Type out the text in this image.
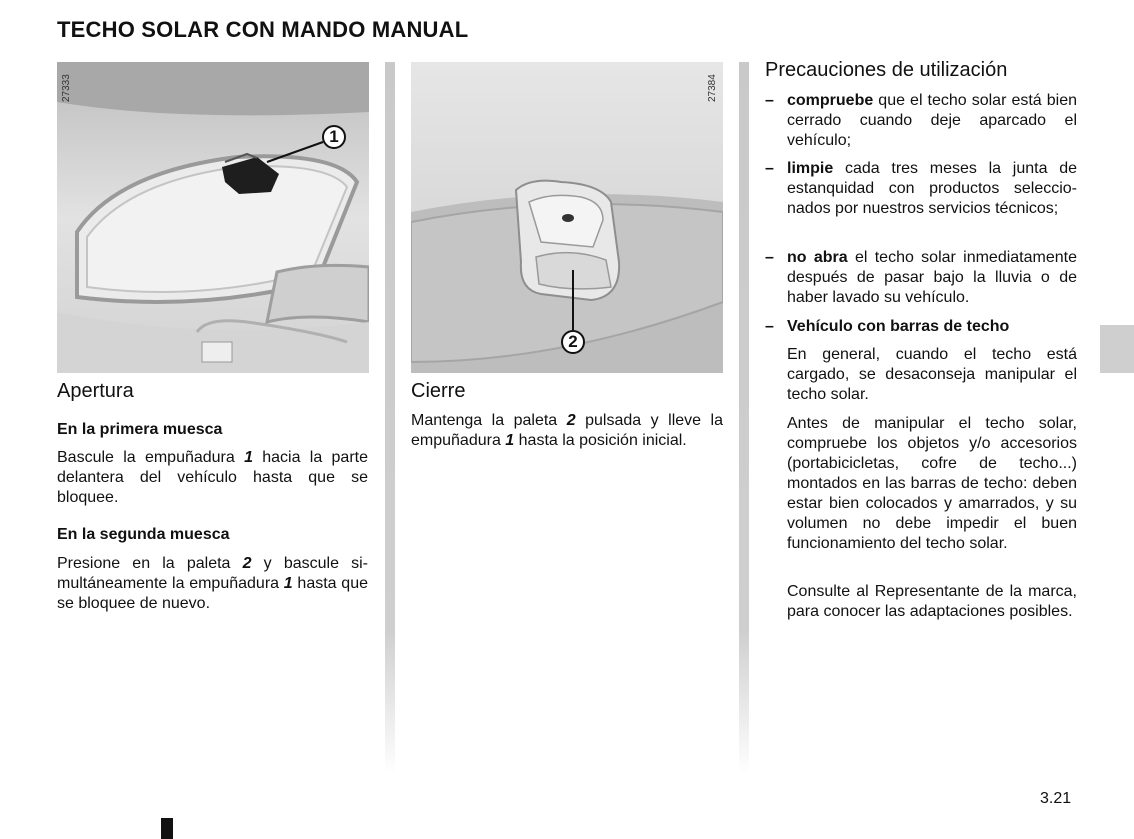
TECHO SOLAR CON MANDO MANUAL
27333
1
27384
2
Apertura
En la primera muesca

Bascule la empuñadura 1 hacia la parte delantera del vehículo hasta que se bloquee.

En la segunda muesca

Presione en la paleta 2 y bascule simultáneamente la empuñadura 1 hasta que se bloquee de nuevo.

Cierre

Mantenga la paleta 2 pulsada y lleve la empuñadura 1 hasta la posición inicial.

Precauciones de utilización
– compruebe que el techo solar está bien cerrado cuando deje aparcado el vehículo;
– limpie cada tres meses la junta de estanquidad con productos seleccionados por nuestros servicios técnicos;
– no abra el techo solar inmediatamente después de pasar bajo la lluvia o de haber lavado su vehículo.
– Vehículo con barras de techo

En general, cuando el techo está cargado, se desaconseja manipular el techo solar.

Antes de manipular el techo solar, compruebe los objetos y/o accesorios (portabicicletas, cofre de techo...) montados en las barras de techo: deben estar bien colocados y amarrados, y su volumen no debe impedir el buen funcionamiento del techo solar.

Consulte al Representante de la marca, para conocer las adaptaciones posibles.

3.21
